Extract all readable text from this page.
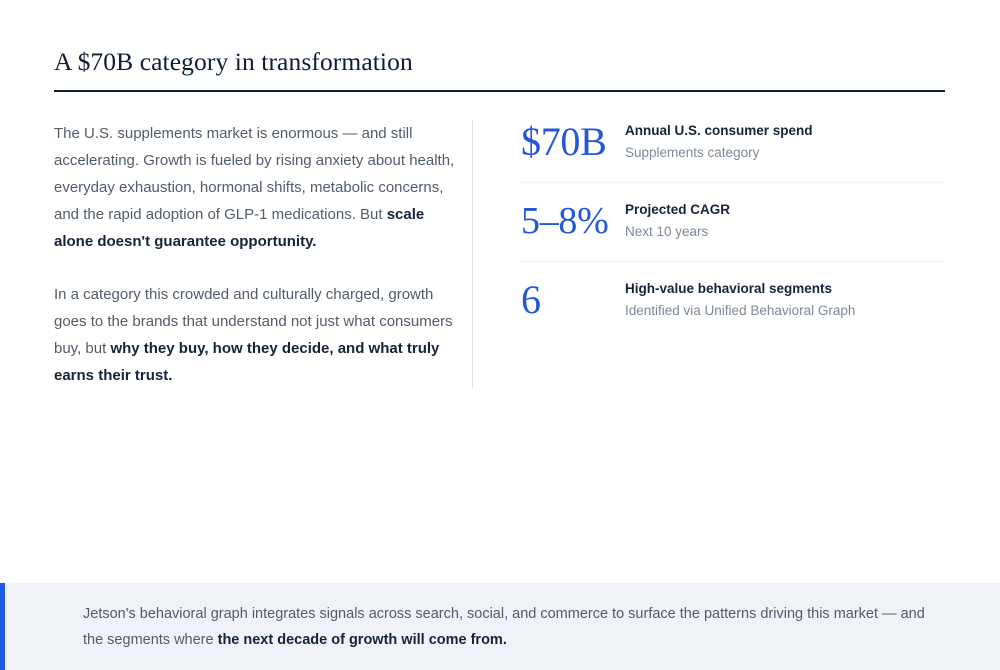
A $70B category in transformation

The U.S. supplements market is enormous — and still accelerating. Growth is fueled by rising anxiety about health, everyday exhaustion, hormonal shifts, metabolic concerns, and the rapid adoption of GLP-1 medications. But scale alone doesn't guarantee opportunity.

In a category this crowded and culturally charged, growth goes to the brands that understand not just what consumers buy, but why they buy, how they decide, and what truly earns their trust.

$70B	Annual U.S. consumer spend

Supplements category

5–8%	Projected CAGR

Next 10 years

6	High-value behavioral segments

Identified via Unified Behavioral Graph

Jetson's behavioral graph integrates signals across search, social, and commerce to surface the patterns driving this market — and the segments where the next decade of growth will come from.
